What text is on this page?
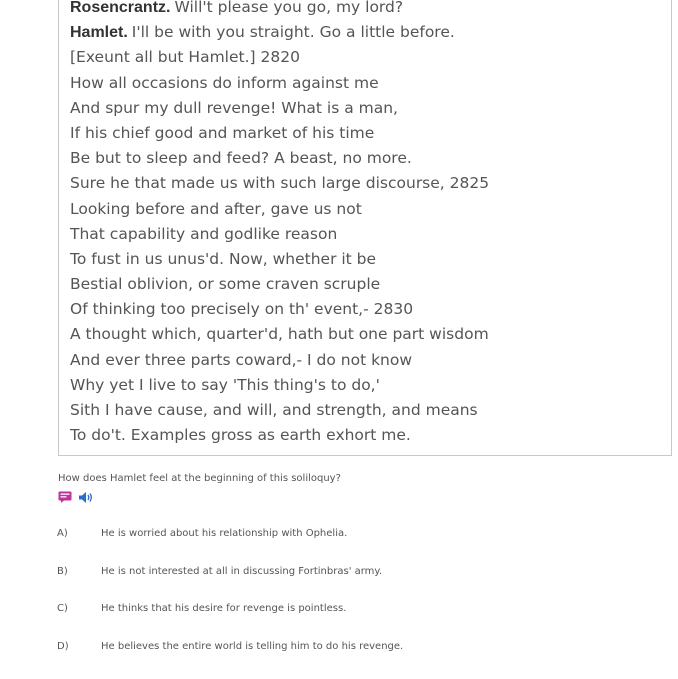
Rosencrantz. Will't please you go, my lord?
Hamlet. I'll be with you straight. Go a little before.
[Exeunt all but Hamlet.] 2820
How all occasions do inform against me
And spur my dull revenge! What is a man,
If his chief good and market of his time
Be but to sleep and feed? A beast, no more.
Sure he that made us with such large discourse, 2825
Looking before and after, gave us not
That capability and godlike reason
To fust in us unus'd. Now, whether it be
Bestial oblivion, or some craven scruple
Of thinking too precisely on th' event,- 2830
A thought which, quarter'd, hath but one part wisdom
And ever three parts coward,- I do not know
Why yet I live to say 'This thing's to do,'
Sith I have cause, and will, and strength, and means
To do't. Examples gross as earth exhort me.
How does Hamlet feel at the beginning of this soliloquy?
A)	He is worried about his relationship with Ophelia.
B)	He is not interested at all in discussing Fortinbras' army.
C)	He thinks that his desire for revenge is pointless.
D)	He believes the entire world is telling him to do his revenge.
